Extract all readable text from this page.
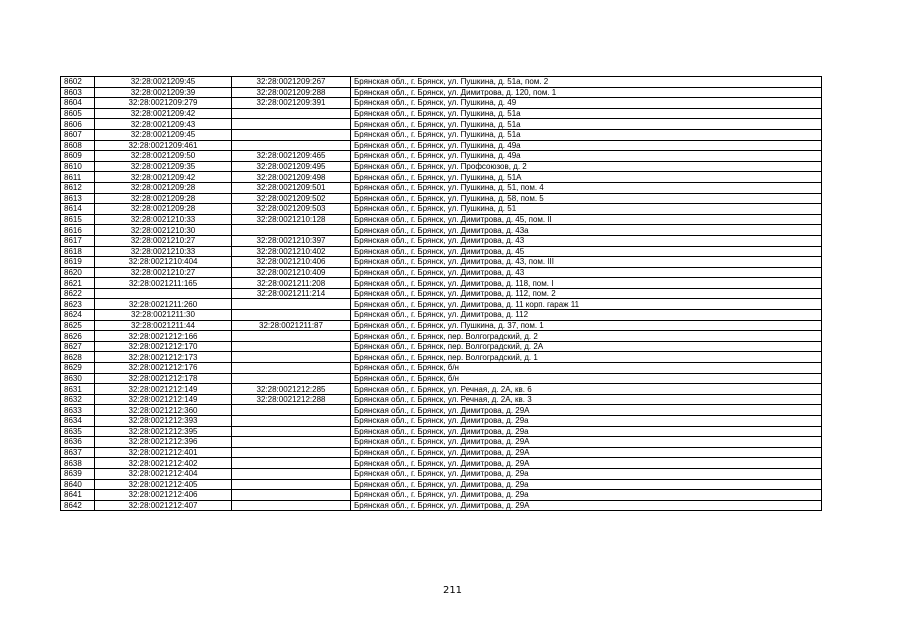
8602	32:28:0021209:45	32:28:0021209:267	Брянская обл., г. Брянск, ул. Пушкина, д. 51а, пом. 2
8603	32:28:0021209:39	32:28:0021209:288	Брянская обл., г. Брянск, ул. Димитрова, д. 120, пом. 1
8604	32:28:0021209:279	32:28:0021209:391	Брянская обл., г. Брянск, ул. Пушкина, д. 49
8605	32:28:0021209:42		Брянская обл., г. Брянск, ул. Пушкина, д. 51а
8606	32:28:0021209:43		Брянская обл., г. Брянск, ул. Пушкина, д. 51а
8607	32:28:0021209:45		Брянская обл., г. Брянск, ул. Пушкина, д. 51а
8608	32:28:0021209:461		Брянская обл., г. Брянск, ул. Пушкина, д. 49а
8609	32:28:0021209:50	32:28:0021209:465	Брянская обл., г. Брянск, ул. Пушкина, д. 49а
8610	32:28:0021209:35	32:28:0021209:495	Брянская обл., г. Брянск, ул. Профсоюзов, д. 2
8611	32:28:0021209:42	32:28:0021209:498	Брянская обл., г. Брянск, ул. Пушкина, д. 51А
8612	32:28:0021209:28	32:28:0021209:501	Брянская обл., г. Брянск, ул. Пушкина, д. 51, пом. 4
8613	32:28:0021209:28	32:28:0021209:502	Брянская обл., г. Брянск, ул. Пушкина, д. 58, пом. 5
8614	32:28:0021209:28	32:28:0021209:503	Брянская обл., г. Брянск, ул. Пушкина, д. 51
8615	32:28:0021210:33	32:28:0021210:128	Брянская обл., г. Брянск, ул. Димитрова, д. 45, пом. II
8616	32:28:0021210:30		Брянская обл., г. Брянск, ул. Димитрова, д. 43а
8617	32:28:0021210:27	32:28:0021210:397	Брянская обл., г. Брянск, ул. Димитрова, д. 43
8618	32:28:0021210:33	32:28:0021210:402	Брянская обл., г. Брянск, ул. Димитрова, д. 45
8619	32:28:0021210:404	32:28:0021210:406	Брянская обл., г. Брянск, ул. Димитрова, д. 43, пом. III
8620	32:28:0021210:27	32:28:0021210:409	Брянская обл., г. Брянск, ул. Димитрова, д. 43
8621	32:28:0021211:165	32:28:0021211:208	Брянская обл., г. Брянск, ул. Димитрова, д. 118, пом. I
8622		32:28:0021211:214	Брянская обл., г. Брянск, ул. Димитрова, д. 112, пом. 2
8623	32:28:0021211:260		Брянская обл., г. Брянск, ул. Димитрова, д. 11 корп. гараж 11
8624	32:28:0021211:30		Брянская обл., г. Брянск, ул. Димитрова, д. 112
8625	32:28:0021211:44	32:28:0021211:87	Брянская обл., г. Брянск, ул. Пушкина, д. 37, пом. 1
8626	32:28:0021212:166		Брянская обл., г. Брянск, пер. Волгоградский, д. 2
8627	32:28:0021212:170		Брянская обл., г. Брянск, пер. Волгоградский, д. 2А
8628	32:28:0021212:173		Брянская обл., г. Брянск, пер. Волгоградский, д. 1
8629	32:28:0021212:176		Брянская обл., г. Брянск, б/н
8630	32:28:0021212:178		Брянская обл., г. Брянск, б/н
8631	32:28:0021212:149	32:28:0021212:285	Брянская обл., г. Брянск, ул. Речная, д. 2А, кв. 6
8632	32:28:0021212:149	32:28:0021212:288	Брянская обл., г. Брянск, ул. Речная, д. 2А, кв. 3
8633	32:28:0021212:360		Брянская обл., г. Брянск, ул. Димитрова, д. 29А
8634	32:28:0021212:393		Брянская обл., г. Брянск, ул. Димитрова, д. 29а
8635	32:28:0021212:395		Брянская обл., г. Брянск, ул. Димитрова, д. 29а
8636	32:28:0021212:396		Брянская обл., г. Брянск, ул. Димитрова, д. 29А
8637	32:28:0021212:401		Брянская обл., г. Брянск, ул. Димитрова, д. 29А
8638	32:28:0021212:402		Брянская обл., г. Брянск, ул. Димитрова, д. 29А
8639	32:28:0021212:404		Брянская обл., г. Брянск, ул. Димитрова, д. 29а
8640	32:28:0021212:405		Брянская обл., г. Брянск, ул. Димитрова, д. 29а
8641	32:28:0021212:406		Брянская обл., г. Брянск, ул. Димитрова, д. 29а
8642	32:28:0021212:407		Брянская обл., г. Брянск, ул. Димитрова, д. 29А
211
